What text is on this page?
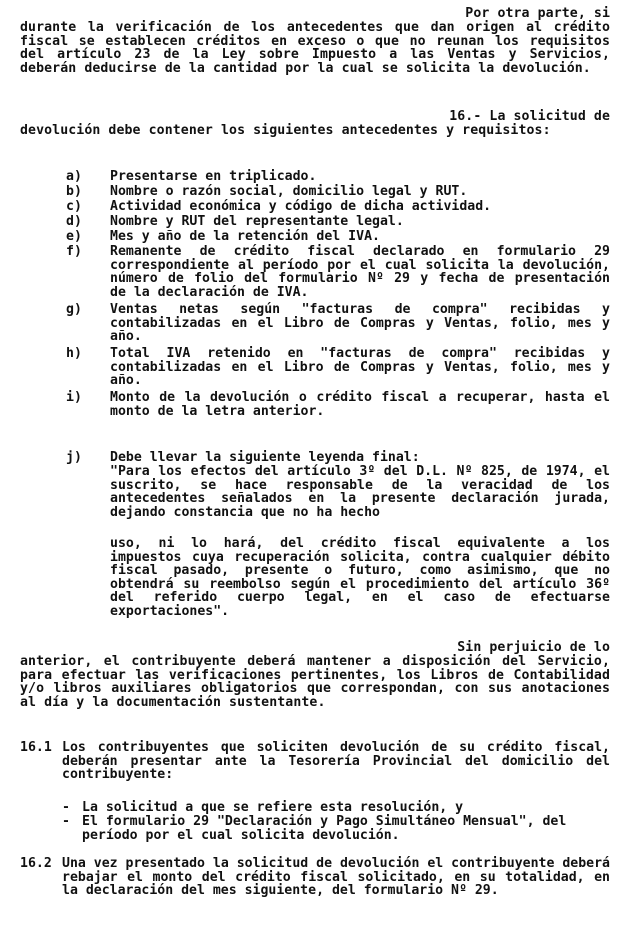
Por otra parte, si

durante la verificación de los antecedentes que dan origen al crédito fiscal se establecen créditos en exceso o que no reunan los requisitos del artículo 23 de la Ley sobre Impuesto a las Ventas y Servicios, deberán deducirse de la cantidad por la cual se solicita la devolución.

16.- La solicitud de

devolución debe contener los siguientes antecedentes y requisitos:

a)	Presentarse en triplicado.
b)	Nombre o razón social, domicilio legal y RUT.
c)	Actividad económica y código de dicha actividad.
d)	Nombre y RUT del representante legal.
e)	Mes y año de la retención del IVA.
f)	Remanente de crédito fiscal declarado en formulario 29 correspondiente al período por el cual solicita la devolución, número de folio del formulario Nº 29 y fecha de presentación de la declaración de IVA.
g)	Ventas netas según "facturas de compra" recibidas y contabilizadas en el Libro de Compras y Ventas, folio, mes y año.
h)	Total IVA retenido en "facturas de compra" recibidas y contabilizadas en el Libro de Compras y Ventas, folio, mes y año.
i)	Monto de la devolución o crédito fiscal a recuperar, hasta el monto de la letra anterior.
j)	Debe llevar la siguiente leyenda final:
"Para los efectos del artículo 3º del D.L. Nº 825, de 1974, el suscrito, se hace responsable de la veracidad de los antecedentes señalados en la presente declaración jurada, dejando constancia que no ha hecho
uso, ni lo hará, del crédito fiscal equivalente a los impuestos cuya recuperación solicita, contra cualquier débito fiscal pasado, presente o futuro, como asimismo, que no obtendrá su reembolso según el procedimiento del artículo 36º del referido cuerpo legal, en el caso de efectuarse exportaciones".

Sin perjuicio de lo

anterior, el contribuyente deberá mantener a disposición del Servicio, para efectuar las verificaciones pertinentes, los Libros de Contabilidad y/o libros auxiliares obligatorios que correspondan, con sus anotaciones al día y la documentación sustentante.

16.1 Los contribuyentes que soliciten devolución de su crédito fiscal, deberán presentar ante la Tesorería Provincial del domicilio del contribuyente:

- La solicitud a que se refiere esta resolución, y
- El formulario 29 "Declaración y Pago Simultáneo Mensual", del período por el cual solicita devolución.
16.2 Una vez presentado la solicitud de devolución el contribuyente deberá rebajar el monto del crédito fiscal solicitado, en su totalidad, en la declaración del mes siguiente, del formulario Nº 29.
